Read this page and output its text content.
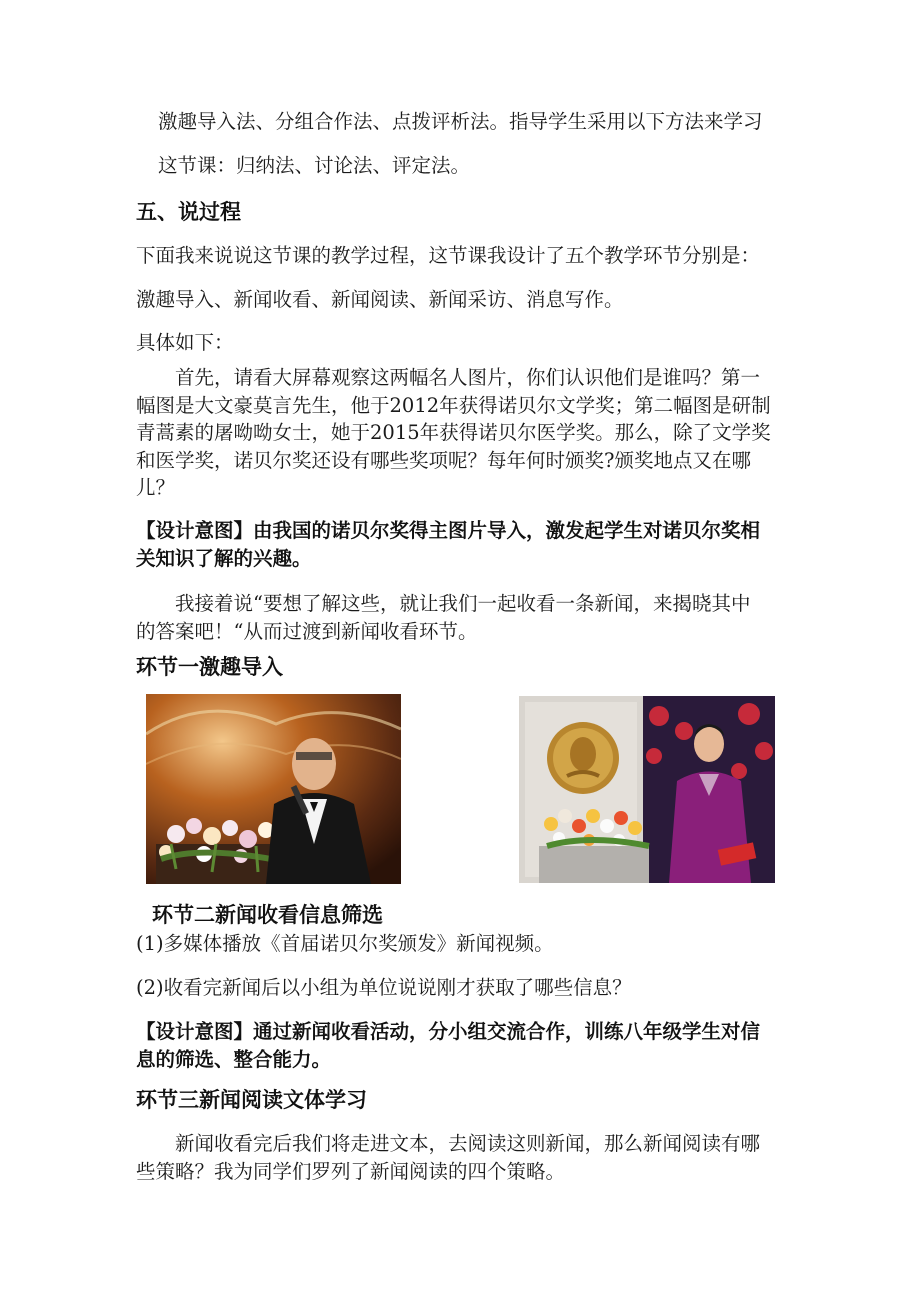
激趣导入法、分组合作法、点拨评析法。指导学生采用以下方法来学习
这节课：归纳法、讨论法、评定法。
五、说过程
下面我来说说这节课的教学过程，这节课我设计了五个教学环节分别是：
激趣导入、新闻收看、新闻阅读、新闻采访、消息写作。
具体如下：
首先，请看大屏幕观察这两幅名人图片，你们认识他们是谁吗？第一
幅图是大文豪莫言先生，他于2012年获得诺贝尔文学奖；第二幅图是研制
青蒿素的屠呦呦女士，她于2015年获得诺贝尔医学奖。那么，除了文学奖
和医学奖，诺贝尔奖还设有哪些奖项呢？每年何时颁奖?颁奖地点又在哪
儿？
【设计意图】由我国的诺贝尔奖得主图片导入，激发起学生对诺贝尔奖相
关知识了解的兴趣。
我接着说“要想了解这些，就让我们一起收看一条新闻，来揭晓其中
的答案吧！“从而过渡到新闻收看环节。
环节一激趣导入
环节二新闻收看信息筛选
(1)多媒体播放《首届诺贝尔奖颁发》新闻视频。
(2)收看完新闻后以小组为单位说说刚才获取了哪些信息？
【设计意图】通过新闻收看活动，分小组交流合作，训练八年级学生对信
息的筛选、整合能力。
环节三新闻阅读文体学习
新闻收看完后我们将走进文本，去阅读这则新闻，那么新闻阅读有哪
些策略？我为同学们罗列了新闻阅读的四个策略。
